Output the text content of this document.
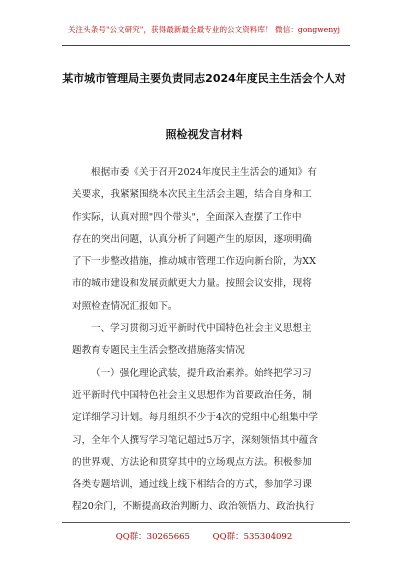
关注头条号"公文研究"，获得最新最全最专业的公文资料库！ 微信：gongwenyj
某市城市管理局主要负责同志2024年度民主生活会个人对
照检视发言材料
根据市委《关于召开2024年度民主生活会的通知》有
关要求，我紧紧围绕本次民主生活会主题，结合自身和工
作实际，认真对照"四个带头"，全面深入查摆了工作中
存在的突出问题，认真分析了问题产生的原因，逐项明确
了下一步整改措施，推动城市管理工作迈向新台阶，为XX
市的城市建设和发展贡献更大力量。按照会议安排，现将
对照检查情况汇报如下。
一、学习贯彻习近平新时代中国特色社会主义思想主
题教育专题民主生活会整改措施落实情况
（一）强化理论武装，提升政治素养。始终把学习习
近平新时代中国特色社会主义思想作为首要政治任务，制
定详细学习计划。每月组织不少于4次的党组中心组集中学
习，全年个人撰写学习笔记超过5万字，深刻领悟其中蕴含
的世界观、方法论和贯穿其中的立场观点方法。积极参加
各类专题培训，通过线上线下相结合的方式，参加学习课
程20余门，不断提高政治判断力、政治领悟力、政治执行
QQ群：30265665	QQ群：535304092
